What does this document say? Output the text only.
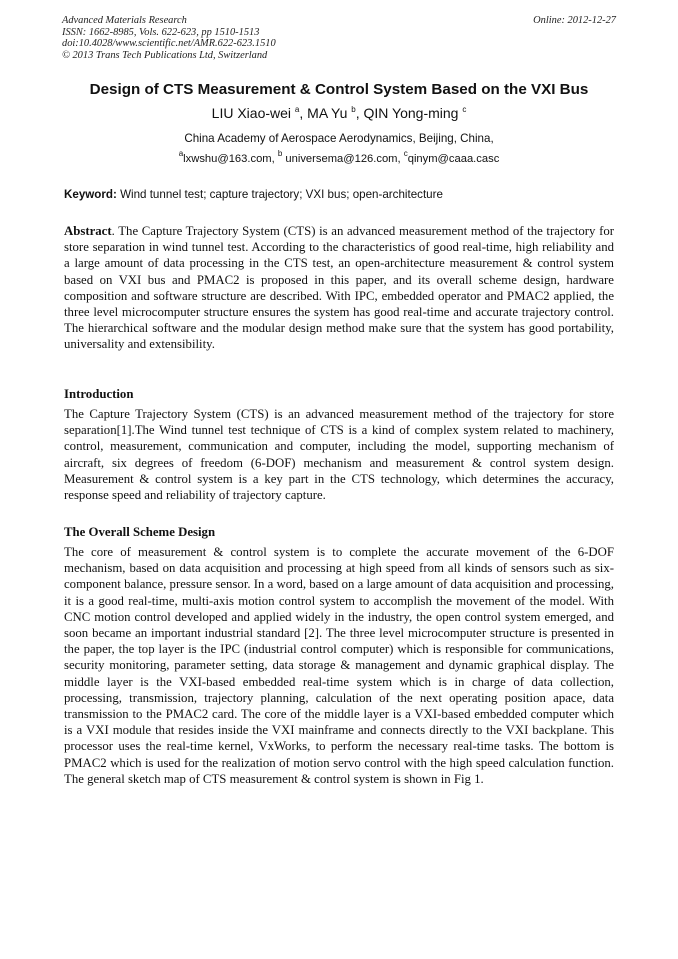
Advanced Materials Research
ISSN: 1662-8985, Vols. 622-623, pp 1510-1513
doi:10.4028/www.scientific.net/AMR.622-623.1510
© 2013 Trans Tech Publications Ltd, Switzerland
Online: 2012-12-27
Design of CTS Measurement & Control System Based on the VXI Bus
LIU Xiao-wei $^a$, MA Yu $^b$, QIN Yong-ming $^c$
China Academy of Aerospace Aerodynamics, Beijing, China,
$^a$lxwshu@163.com, $^b$ universema@126.com, $^c$qinym@caaa.casc
Keyword: Wind tunnel test; capture trajectory; VXI bus; open-architecture
Abstract. The Capture Trajectory System (CTS) is an advanced measurement method of the trajectory for store separation in wind tunnel test. According to the characteristics of good real-time, high reliability and a large amount of data processing in the CTS test, an open-architecture measurement & control system based on VXI bus and PMAC2 is proposed in this paper, and its overall scheme design, hardware composition and software structure are described. With IPC, embedded operator and PMAC2 applied, the three level microcomputer structure ensures the system has good real-time and accurate trajectory control. The hierarchical software and the modular design method make sure that the system has good portability, universality and extensibility.
Introduction
The Capture Trajectory System (CTS) is an advanced measurement method of the trajectory for store separation[1].The Wind tunnel test technique of CTS is a kind of complex system related to machinery, control, measurement, communication and computer, including the model, supporting mechanism of aircraft, six degrees of freedom (6-DOF) mechanism and measurement & control system design. Measurement & control system is a key part in the CTS technology, which determines the accuracy, response speed and reliability of trajectory capture.
The Overall Scheme Design
The core of measurement & control system is to complete the accurate movement of the 6-DOF mechanism, based on data acquisition and processing at high speed from all kinds of sensors such as six-component balance, pressure sensor. In a word, based on a large amount of data acquisition and processing, it is a good real-time, multi-axis motion control system to accomplish the movement of the model. With CNC motion control developed and applied widely in the industry, the open control system emerged, and soon became an important industrial standard [2]. The three level microcomputer structure is presented in the paper, the top layer is the IPC (industrial control computer) which is responsible for communications, security monitoring, parameter setting, data storage & management and dynamic graphical display. The middle layer is the VXI-based embedded real-time system which is in charge of data collection, processing, transmission, trajectory planning, calculation of the next operating position apace, data transmission to the PMAC2 card. The core of the middle layer is a VXI-based embedded computer which is a VXI module that resides inside the VXI mainframe and connects directly to the VXI backplane. This processor uses the real-time kernel, VxWorks, to perform the necessary real-time tasks. The bottom is PMAC2 which is used for the realization of motion servo control with the high speed calculation function. The general sketch map of CTS measurement & control system is shown in Fig 1.
